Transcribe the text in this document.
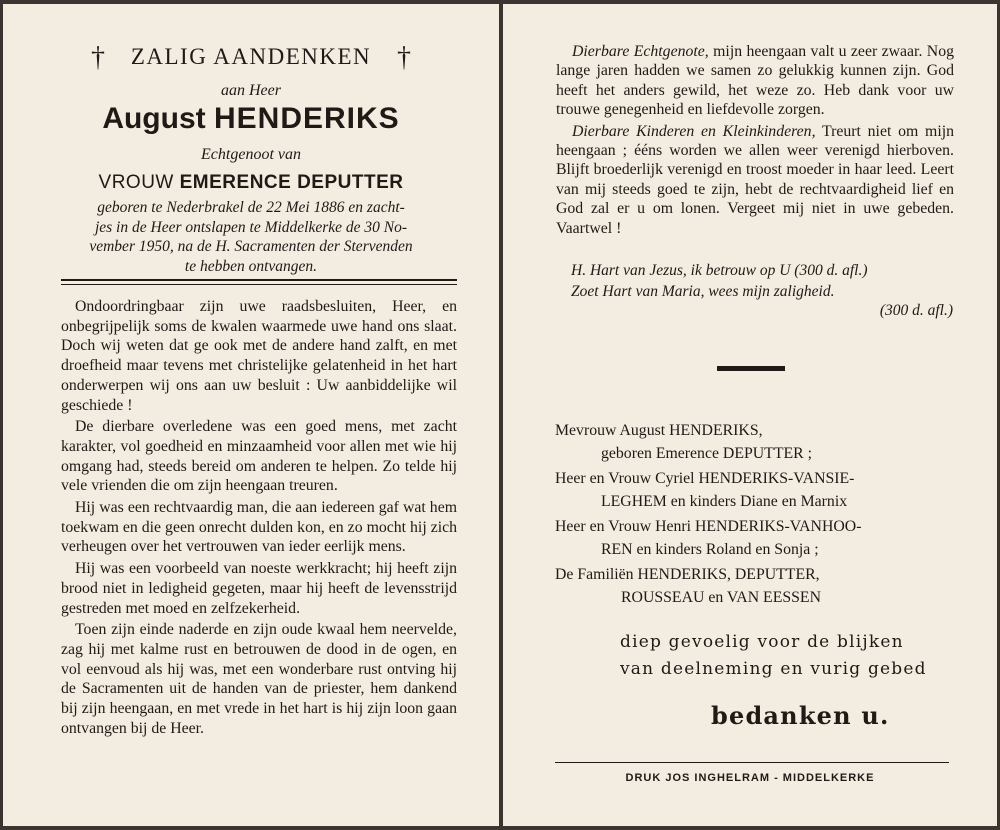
†	ZALIG AANDENKEN †
aan Heer
August HENDERIKS
Echtgenoot van
VROUW EMERENCE DEPUTTER
geboren te Nederbrakel de 22 Mei 1886 en zacht-
jes in de Heer ontslapen te Middelkerke de 30 No-
vember 1950, na de H. Sacramenten der Stervenden
te hebben ontvangen.

Ondoordringbaar zijn uwe raadsbesluiten, Heer, en onbegrijpelijk soms de kwalen waarmede uwe hand ons slaat. Doch wij weten dat ge ook met de andere hand zalft, en met droefheid maar tevens met christelijke gelatenheid in het hart onderwerpen wij ons aan uw besluit : Uw aanbiddelijke wil geschiede !

De dierbare overledene was een goed mens, met zacht karakter, vol goedheid en minzaamheid voor allen met wie hij omgang had, steeds bereid om anderen te helpen. Zo telde hij vele vrienden die om zijn heengaan treuren.

Hij was een rechtvaardig man, die aan iedereen gaf wat hem toekwam en die geen onrecht dulden kon, en zo mocht hij zich verheugen over het vertrouwen van ieder eerlijk mens.

Hij was een voorbeeld van noeste werkkracht; hij heeft zijn brood niet in ledigheid gegeten, maar hij heeft de levensstrijd gestreden met moed en zelfzekerheid.

Toen zijn einde naderde en zijn oude kwaal hem neervelde, zag hij met kalme rust en betrouwen de dood in de ogen, en vol eenvoud als hij was, met een wonderbare rust ontving hij de Sacramenten uit de handen van de priester, hem dankend bij zijn heengaan, en met vrede in het hart is hij zijn loon gaan ontvangen bij de Heer.

Dierbare Echtgenote, mijn heengaan valt u zeer zwaar. Nog lange jaren hadden we samen zo gelukkig kunnen zijn. God heeft het anders gewild, het weze zo. Heb dank voor uw trouwe genegenheid en liefdevolle zorgen.

Dierbare Kinderen en Kleinkinderen, Treurt niet om mijn heengaan ; ééns worden we allen weer verenigd hierboven. Blijft broederlijk verenigd en troost moeder in haar leed. Leert van mij steeds goed te zijn, hebt de rechtvaardigheid lief en God zal er u om lonen. Vergeet mij niet in uwe gebeden. Vaartwel !

H. Hart van Jezus, ik betrouw op U (300 d. afl.)
Zoet Hart van Maria, wees mijn zaligheid.
(300 d. afl.)
Mevrouw August HENDERIKS,
geboren Emerence DEPUTTER ;
Heer en Vrouw Cyriel HENDERIKS-VANSIE-
LEGHEM en kinders Diane en Marnix
Heer en Vrouw Henri HENDERIKS-VANHOO-
REN en kinders Roland en Sonja ;
De Familiën HENDERIKS, DEPUTTER,
ROUSSEAU en VAN EESSEN
diep gevoelig voor de blijken
van deelneming en vurig gebed
bedanken u.
DRUK JOS INGHELRAM - MIDDELKERKE
